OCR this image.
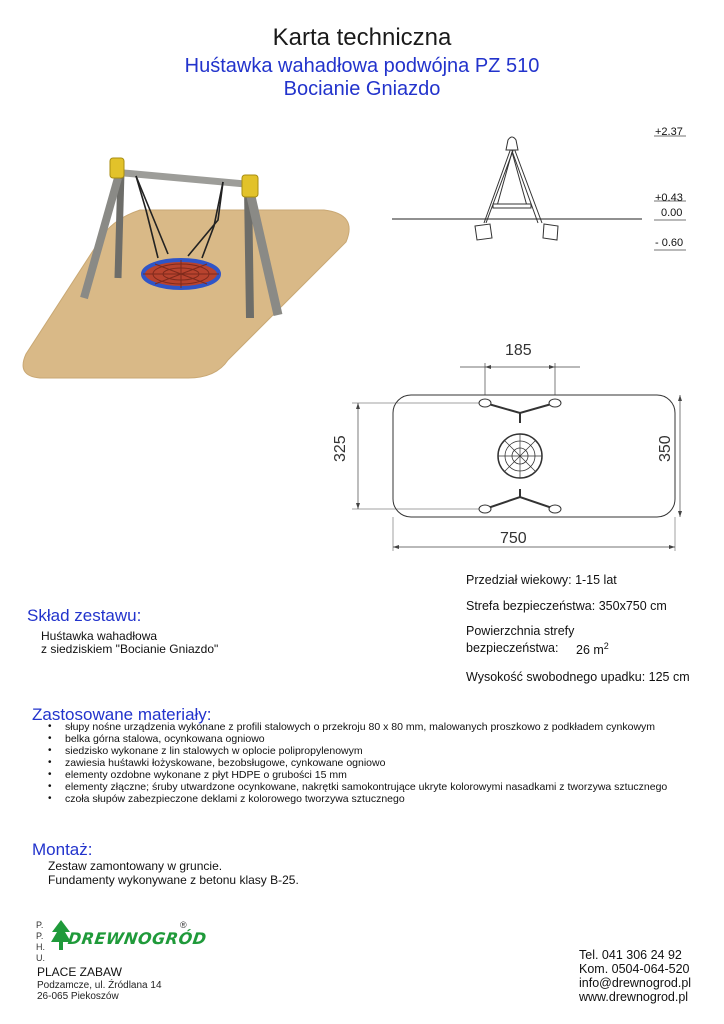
Karta techniczna
Huśtawka wahadłowa podwójna PZ 510
Bocianie Gniazdo
+2.37
+0.43
0.00
- 0.60
185
325	350
750
Przedział wiekowy: 1-15 lat
Strefa bezpieczeństwa: 350x750 cm
Powierzchnia strefy
bezpieczeństwa: 26 $m^2$
Wysokość swobodnego upadku: 125 cm
Skład zestawu:
Huśtawka wahadłowa
z siedziskiem "Bocianie Gniazdo"
Zastosowane materiały:
• słupy nośne urządzenia wykonane z profili stalowych o przekroju 80 x 80 mm, malowanych proszkowo z podkładem cynkowym
• belka górna stalowa, ocynkowana ogniowo
• siedzisko wykonane z lin stalowych w oplocie polipropylenowym
• zawiesia huśtawki łożyskowane, bezobsługowe, cynkowane ogniowo
• elementy ozdobne wykonane z płyt HDPE o grubości 15 mm
• elementy złączne; śruby utwardzone ocynkowane, nakrętki samokontrujące ukryte kolorowymi nasadkami z tworzywa sztucznego
• czoła słupów zabezpieczone deklami z kolorowego tworzywa sztucznego
Montaż:
Zestaw zamontowany w gruncie.
Fundamenty wykonywane z betonu klasy B-25.
P.
P.
H.
U.
DREWNOGRÓD
®
PLACE ZABAW
Podzamcze, ul. Źródlana 14
26-065 Piekoszów
Tel. 041 306 24 92
Kom. 0504-064-520
info@drewnogrod.pl
www.drewnogrod.pl
